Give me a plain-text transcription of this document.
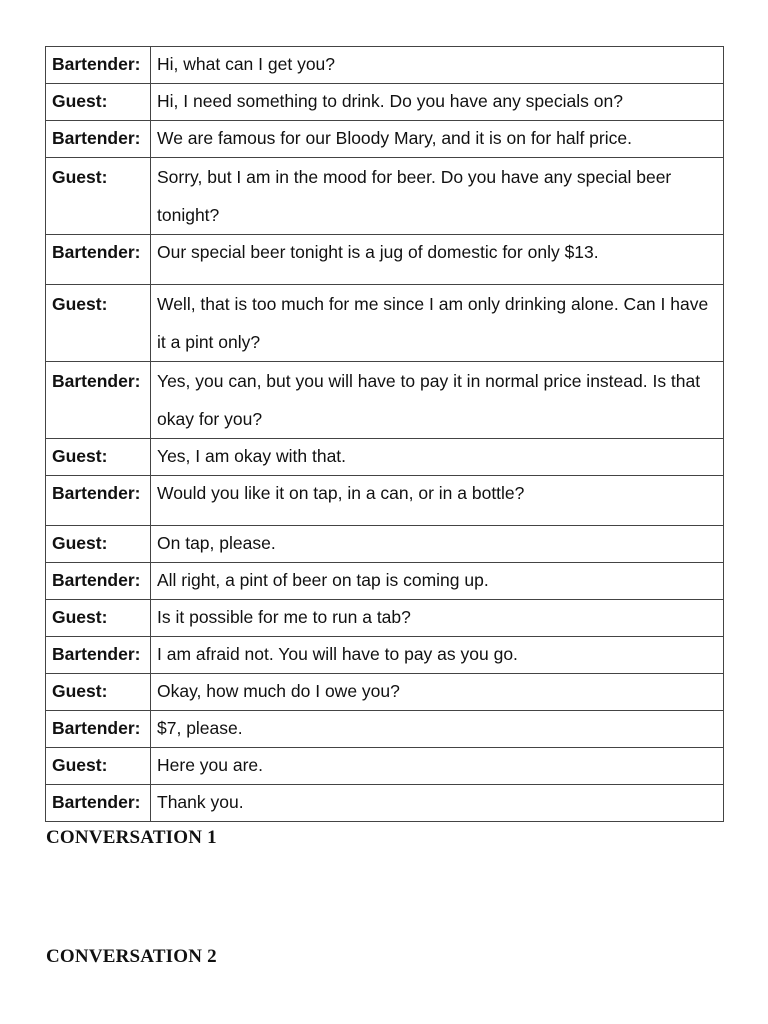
Bartender:	Hi, what can I get you?
Guest:	Hi, I need something to drink. Do you have any specials on?
Bartender:	We are famous for our Bloody Mary, and it is on for half price.
Guest:	Sorry, but I am in the mood for beer. Do you have any special beer tonight?
Bartender:	Our special beer tonight is a jug of domestic for only $13.
Guest:	Well, that is too much for me since I am only drinking alone. Can I have it a pint only?
Bartender:	Yes, you can, but you will have to pay it in normal price instead. Is that okay for you?
Guest:	Yes, I am okay with that.
Bartender:	Would you like it on tap, in a can, or in a bottle?
Guest:	On tap, please.
Bartender:	All right, a pint of beer on tap is coming up.
Guest:	Is it possible for me to run a tab?
Bartender:	I am afraid not. You will have to pay as you go.
Guest:	Okay, how much do I owe you?
Bartender:	$7, please.
Guest:	Here you are.
Bartender:	Thank you.
CONVERSATION 1
CONVERSATION 2
